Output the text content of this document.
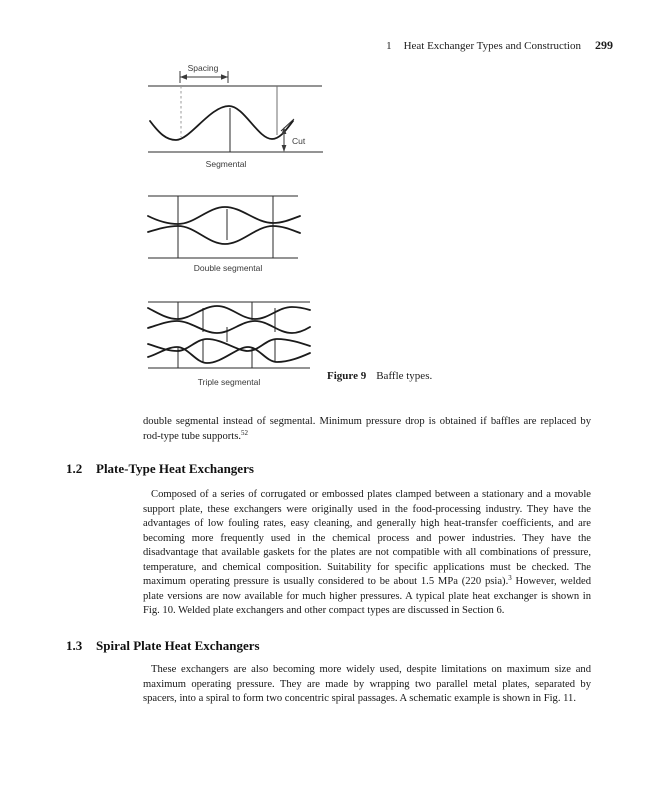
1 Heat Exchanger Types and Construction 299
Spacing
Cut
Segmental
Double segmental
Triple segmental	Figure 9 Baffle types.

double segmental instead of segmental. Minimum pressure drop is obtained if baffles are replaced by rod-type tube supports.$^{52}$

1.2 Plate-Type Heat Exchangers

Composed of a series of corrugated or embossed plates clamped between a stationary and a movable support plate, these exchangers were originally used in the food-processing industry. They have the advantages of low fouling rates, easy cleaning, and generally high heat-transfer coefficients, and are becoming more frequently used in the chemical process and power industries. They have the disadvantage that available gaskets for the plates are not compatible with all combinations of pressure, temperature, and chemical composition. Suitability for specific applications must be checked. The maximum operating pressure is usually considered to be about 1.5 MPa (220 psia).$^3$ However, welded plate versions are now available for much higher pressures. A typical plate heat exchanger is shown in Fig. 10. Welded plate exchangers and other compact types are discussed in Section 6.

1.3 Spiral Plate Heat Exchangers

These exchangers are also becoming more widely used, despite limitations on maximum size and maximum operating pressure. They are made by wrapping two parallel metal plates, separated by spacers, into a spiral to form two concentric spiral passages. A schematic example is shown in Fig. 11.
